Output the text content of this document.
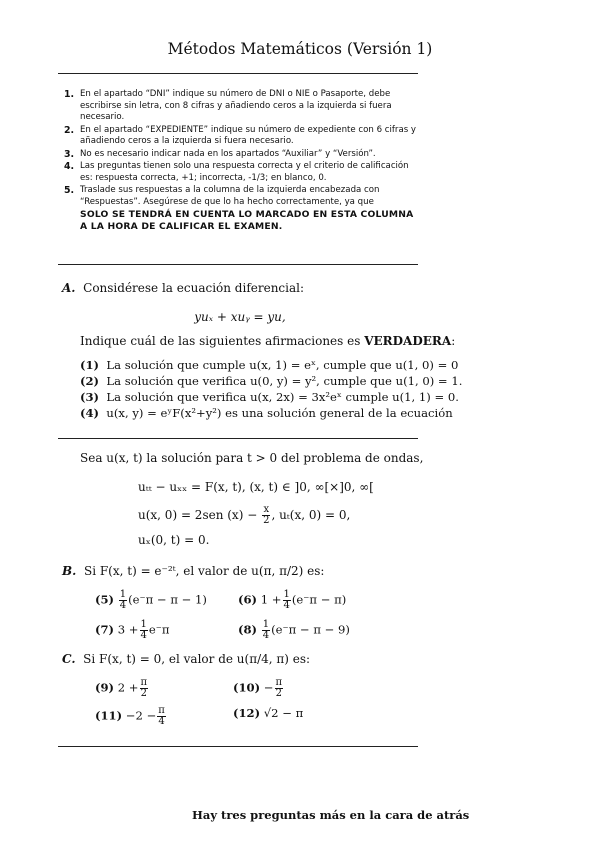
Métodos Matemáticos (Versión 1)
1. En el apartado “DNI” indique su número de DNI o NIE o Pasaporte, debe escribirse sin letra, con 8 cifras y añadiendo ceros a la izquierda si fuera necesario.
2. En el apartado “EXPEDIENTE” indique su número de expediente con 6 cifras y añadiendo ceros a la izquierda si fuera necesario.
3. No es necesario indicar nada en los apartados “Auxiliar” y “Versión”.
4. Las preguntas tienen solo una respuesta correcta y el criterio de calificación es: respuesta correcta, +1; incorrecta, -1/3; en blanco, 0.
5. Traslade sus respuestas a la columna de la izquierda encabezada con “Respuestas”. Asegúrese de que lo ha hecho correctamente, ya que
SOLO SE TENDRÁ EN CUENTA LO MARCADO EN ESTA COLUMNA A LA HORA DE CALIFICAR EL EXAMEN.
A. Considérese la ecuación diferencial:
yuₓ + xuᵧ = yu,
Indique cuál de las siguientes afirmaciones es VERDADERA:
(1) La solución que cumple u(x, 1) = eˣ, cumple que u(1, 0) = 0
(2) La solución que verifica u(0, y) = y², cumple que u(1, 0) = 1.
(3) La solución que verifica u(x, 2x) = 3x²eˣ cumple u(1, 1) = 0.
(4) u(x, y) = eʸF(x²+y²) es una solución general de la ecuación
Sea u(x, t) la solución para t > 0 del problema de ondas,
uₜₜ − uₓₓ = F(x, t), (x, t) ∈ ]0, ∞[×]0, ∞[
u(x, 0) = 2sen $(x) - \frac{x}{2}$ , uₜ(x, 0) = 0,
uₓ(0, t) = 0.
B. Si F(x, t) = e⁻²ᵗ, el valor de u(π, π/2) es:
$(5) \frac{1}{4} (e^-\pi - \pi - 1)$	(6) $1 + \frac{1}{4} (e^-\pi - \pi)$
(7) $3 + \frac{1}{4} e^-\pi$	$(8) \frac{1}{4} (e^-\pi - \pi - 9)$
C. Si F(x, t) = 0, el valor de u(π/4, π) es:
(9) $2 + \frac{\pi}{2}$	$(10) - \frac{\pi}{2}$
$(11) -2 - \frac{\pi}{4}$	(12) √2 − π
Hay tres preguntas más en la cara de atrás
